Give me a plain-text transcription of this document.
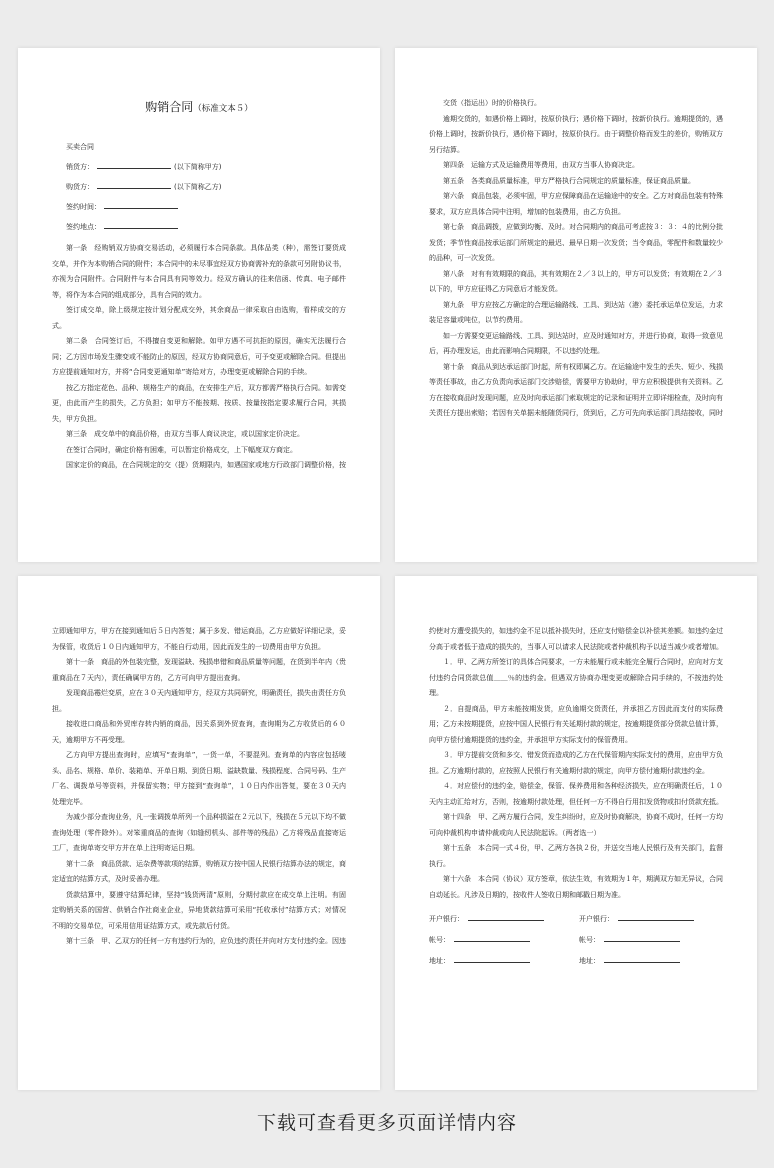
购销合同（标准文本５）

买卖合同

销货方：	(以下简称甲方)
购货方：	(以下简称乙方)
签约时间：
签约地点：

第一条　经购销双方协商交易活动，必须履行本合同条款。具体品类（种），需签订要货成交单，并作为本购销合同的附件；本合同中的未尽事宜经双方协商需补充的条款可另附协议书，亦视为合同附件。合同附件与本合同具有同等效力。经双方确认的往来信函、传真、电子邮件等，将作为本合同的组成部分，具有合同的效力。

签订成交单，除上级规定按计划分配成交外，其余商品一律采取自由选购，看样成交的方式。

第二条　合同签订后，不得擅自变更和解除。如甲方遇不可抗拒的原因，确实无法履行合同；乙方因市场发生骤变或不能防止的原因，经双方协商同意后，可予变更或解除合同。但提出方应提前通知对方，并将“合同变更通知单”寄给对方，办理变更或解除合同的手续。

按乙方指定花色、品种、规格生产的商品，在安排生产后，双方都需严格执行合同。如需变更，由此而产生的损失，乙方负担；如甲方不能按期、按质、按量按指定要求履行合同，其损失，甲方负担。

第三条　成交单中的商品价格，由双方当事人商议决定，或以国家定价决定。

在签订合同时，确定价格有困难，可以暂定价格成交，上下幅度双方商定。

国家定价的商品，在合同规定的交（提）货期限内，如遇国家或地方行政部门调整价格，按

交货（指运出）时的价格执行。

逾期交货的，如遇价格上调时，按原价执行；遇价格下调时，按新价执行。逾期提货的，遇价格上调时，按新价执行，遇价格下调时，按原价执行。由于调整价格而发生的差价，购销双方另行结算。

第四条　运输方式及运输费用等费用，由双方当事人协商决定。

第五条　各类商品质量标准，甲方严格执行合同规定的质量标准，保证商品质量。

第六条　商品包装，必须牢固，甲方应保障商品在运输途中的安全。乙方对商品包装有特殊要求，双方应具体合同中注明，增加的包装费用，由乙方负担。

第七条　商品调拨，应做到均衡、及时。对合同期内的商品可考虑按３：３：４的比例分批发货；季节性商品按承运部门所规定的最迟、最早日期一次发货；当令商品，零配件和数量较少的品种，可一次发货。

第八条　对有有效期限的商品，其有效期在２／３以上的，甲方可以发货；有效期在２／３以下的，甲方应征得乙方同意后才能发货。

第九条　甲方应按乙方确定的合理运输路线、工具、到达站（港）委托承运单位发运，力求装足容量或吨位，以节约费用。

如一方需要变更运输路线、工具、到达站时，应及时通知对方，并进行协商，取得一致意见后，再办理发运，由此而影响合同期限，不以违约处理。

第十条　商品从到达承运部门时起，所有权即属乙方。在运输途中发生的丢失、短少、残损等责任事故，由乙方负责向承运部门交涉赔偿，需要甲方协助时，甲方应积极提供有关资料。乙方在接收商品时发现问题，应及时向承运部门索取规定的记录和证明并立即详细检查，及时向有关责任方提出索赔；若因有关单据未能随货同行，货到后，乙方可先向承运部门具结接收，同时

立即通知甲方，甲方在接到通知后５日内答复；属于多发、错运商品，乙方应做好详细记录，妥为保管，收货后１０日内通知甲方，不能自行动用，因此而发生的一切费用由甲方负担。

第十一条　商品的外包装完整，发现溢缺、残损串错和商品质量等问题，在货到半年内（贵重商品在７天内），责任确属甲方的，乙方可向甲方提出查询。

发现商品霉烂变质，应在３０天内通知甲方，经双方共同研究，明确责任，损失由责任方负担。

接收进口商品和外贸库存转内销的商品，因关系到外贸查询，查询期为乙方收货后的６０天，逾期甲方不再受理。

乙方向甲方提出查询时，应填写“查询单”，一货一单，不要混列。查询单的内容应包括唛头、品名、规格、单价、装箱单、开单日期、到货日期、溢缺数量、残损程度、合同号码、生产厂名、调拨单号等资料，并保留实物；甲方接到“查询单”，１０日内作出答复，要在３０天内处理完毕。

为减少部分查询业务，凡一张调拨单所列一个品种损溢在２元以下，残损在５元以下均不做查询处理（零件除外）。对笨重商品的查询（如缝纫机头、部件等的残品）乙方将残品直接寄运工厂，查询单寄交甲方并在单上注明寄运日期。

第十二条　商品货款、运杂费等款项的结算，购销双方按中国人民银行结算办法的规定，商定适宜的结算方式，及时妥善办理。

货款结算中，要遵守结算纪律，坚持“钱货两清”原则，分期付款应在成交单上注明。有固定购销关系的国营、供销合作社商业企业，异地货款结算可采用“托收承付”结算方式；对情况不明的交易单位，可采用信用证结算方式，或先款后付货。

第十三条　甲、乙双方的任何一方有违约行为的，应负违约责任并向对方支付违约金。因违

约使对方遭受损失的，如违约金不足以抵补损失时，还应支付赔偿金以补偿其差额。如违约金过分高于或者低于造成的损失的，当事人可以请求人民法院或者仲裁机构予以适当减少或者增加。

１．甲、乙两方所签订的具体合同要求，一方未能履行或未能完全履行合同时，应向对方支付违约合同货款总值＿＿％的违约金。但遇双方协商办理变更或解除合同手续的，不按违约处理。

２．自提商品，甲方未能按期发货，应负逾期交货责任，并承担乙方因此而支付的实际费用；乙方未按期提货，应按中国人民银行有关延期付款的规定，按逾期提货部分货款总值计算，向甲方偿付逾期提货的违约金，并承担甲方实际支付的保管费用。

３．甲方提前交货和多交、错发货而造成的乙方在代保管期内实际支付的费用，应由甲方负担。乙方逾期付款的，应按照人民银行有关逾期付款的规定，向甲方偿付逾期付款违约金。

４．对应偿付的违约金，赔偿金，保管、保养费用和各种经济损失，应在明确责任后，１０天内主动汇给对方，否则，按逾期付款处理，但任何一方不得自行用扣发货物或扣付货款充抵。

第十四条　甲、乙两方履行合同，发生纠纷时，应及时协商解决，协商不成时，任何一方均可向仲裁机构申请仲裁或向人民法院起诉。（两者选一）

第十五条　本合同一式４份，甲、乙两方各执２份，并送交当地人民银行及有关部门，监督执行。

第十六条　本合同（协议）双方签章，依法生效，有效期为１年，期满双方如无异议，合同自动延长。凡涉及日期的，按收件人签收日期和邮戳日期为准。

开户银行：	开户银行：
帐号：	帐号：
地址：	地址：
下载可查看更多页面详情内容
